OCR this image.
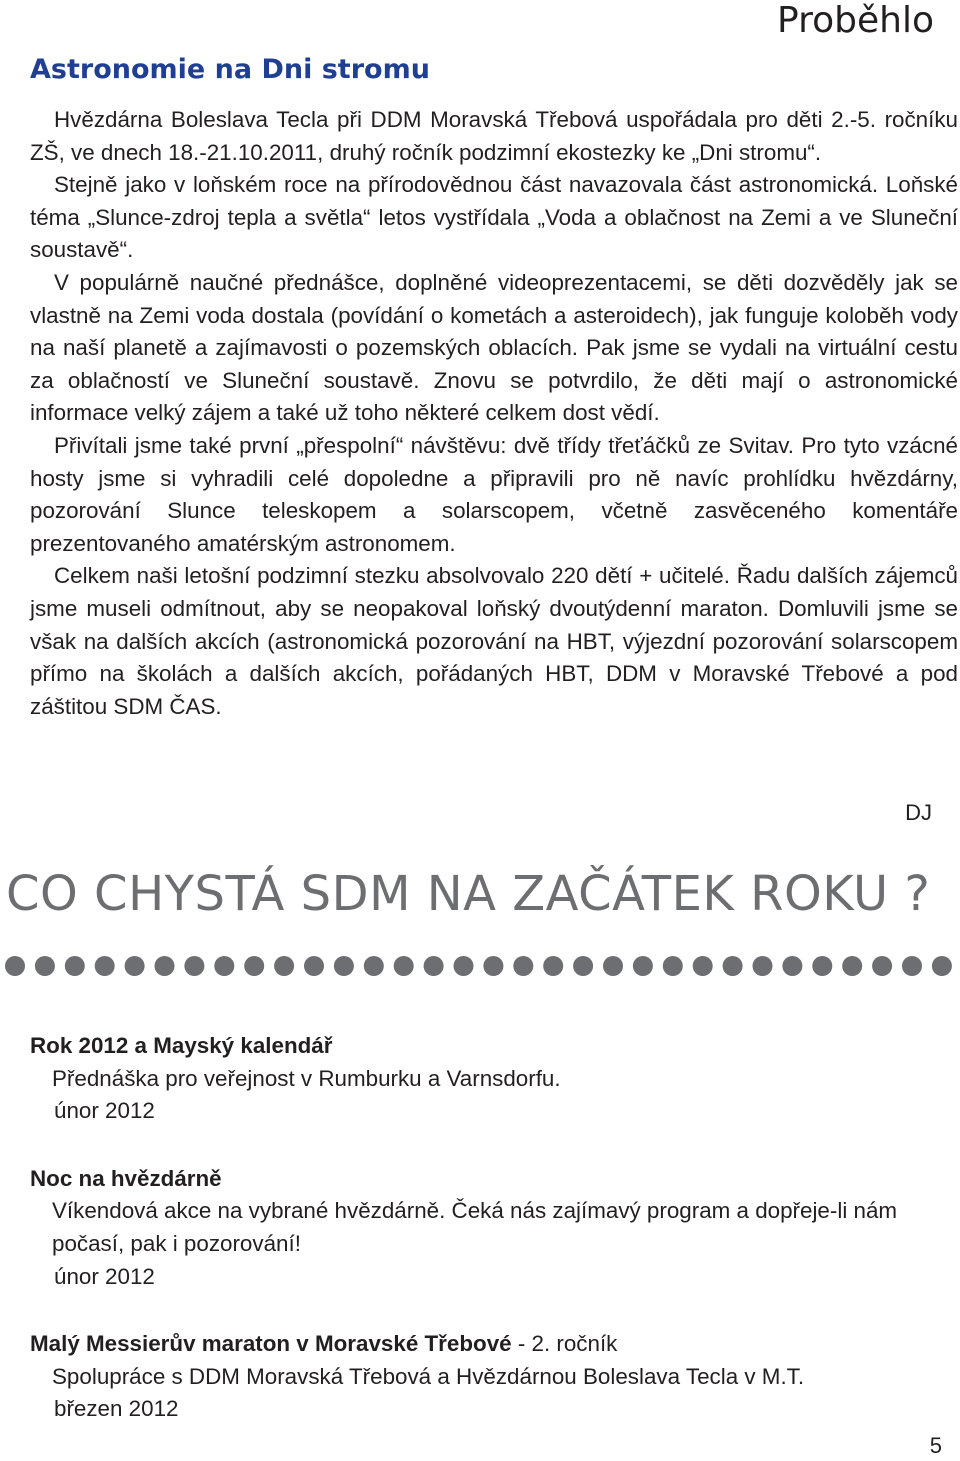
Proběhlo
Astronomie na Dni stromu

Hvězdárna Boleslava Tecla při DDM Moravská Třebová uspořádala pro děti 2.-5. ročníku ZŠ, ve dnech 18.-21.10.2011, druhý ročník podzimní ekostezky ke „Dni stromu“.

Stejně jako v loňském roce na přírodovědnou část navazovala část astronomická. Loňské téma „Slunce-zdroj tepla a světla“ letos vystřídala „Voda a oblačnost na Zemi a ve Sluneční soustavě“.

V populárně naučné přednášce, doplněné videoprezentacemi, se děti dozvěděly jak se vlastně na Zemi voda dostala (povídání o kometách a asteroidech), jak funguje koloběh vody na naší planetě a zajímavosti o pozemských oblacích. Pak jsme se vydali na virtuální cestu za oblačností ve Sluneční soustavě. Znovu se potvrdilo, že děti mají o astronomické informace velký zájem a také už toho některé celkem dost vědí.

Přivítali jsme také první „přespolní“ návštěvu: dvě třídy třeťáčků ze Svitav. Pro tyto vzácné hosty jsme si vyhradili celé dopoledne a připravili pro ně navíc prohlídku hvězdárny, pozorování Slunce teleskopem a solarscopem, včetně zasvěceného komentáře prezentovaného amatérským astronomem.

Celkem naši letošní podzimní stezku absolvovalo 220 dětí + učitelé. Řadu dalších zájemců jsme museli odmítnout, aby se neopakoval loňský dvoutýdenní maraton. Domluvili jsme se však na dalších akcích (astronomická pozorování na HBT, výjezdní pozorování solarscopem přímo na školách a dalších akcích, pořádaných HBT, DDM v Moravské Třebové a pod záštitou SDM ČAS.

DJ
CO CHYSTÁ SDM NA ZAČÁTEK ROKU ?
Rok 2012 a Mayský kalendář
Přednáška pro veřejnost v Rumburku a Varnsdorfu.
únor 2012
Noc na hvězdárně
Víkendová akce na vybrané hvězdárně. Čeká nás zajímavý program a dopřeje-li nám počasí, pak i pozorování!
únor 2012
Malý Messierův maraton v Moravské Třebové - 2. ročník
Spolupráce s DDM Moravská Třebová a Hvězdárnou Boleslava Tecla v M.T.
březen 2012
5
